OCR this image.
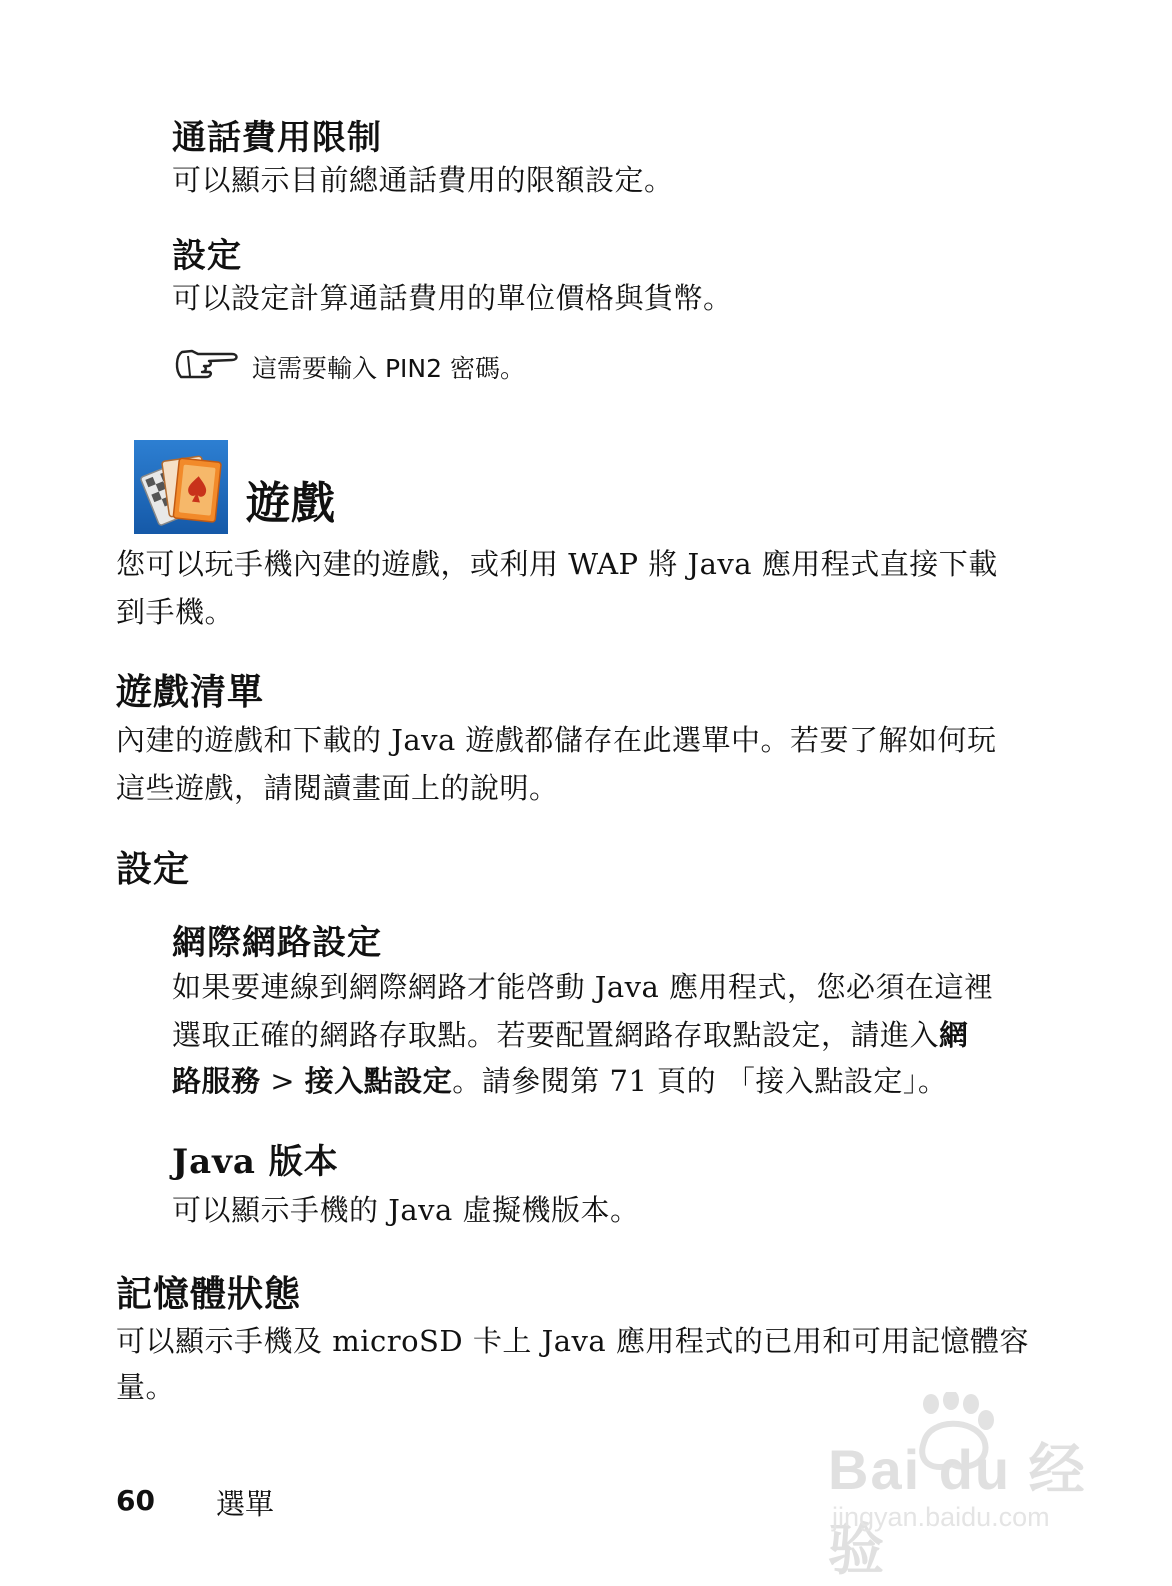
通話費用限制
可以顯示目前總通話費用的限額設定。
設定
可以設定計算通話費用的單位價格與貨幣。
這需要輸入 PIN2 密碼。
遊戲
您可以玩手機內建的遊戲，或利用 WAP 將 Java 應用程式直接下載
到手機。
遊戲清單
內建的遊戲和下載的 Java 遊戲都儲存在此選單中。若要了解如何玩
這些遊戲，請閱讀畫面上的說明。
設定
網際網路設定
如果要連線到網際網路才能啓動 Java 應用程式，您必須在這裡
選取正確的網路存取點。若要配置網路存取點設定，請進入網
路服務 > 接入點設定。請參閱第 71 頁的 「接入點設定」。
Java 版本
可以顯示手機的 Java 虛擬機版本。
記憶體狀態
可以顯示手機及 microSD 卡上 Java 應用程式的已用和可用記憶體容
量。
60 選單
Bai du 经验
jingyan.baidu.com
